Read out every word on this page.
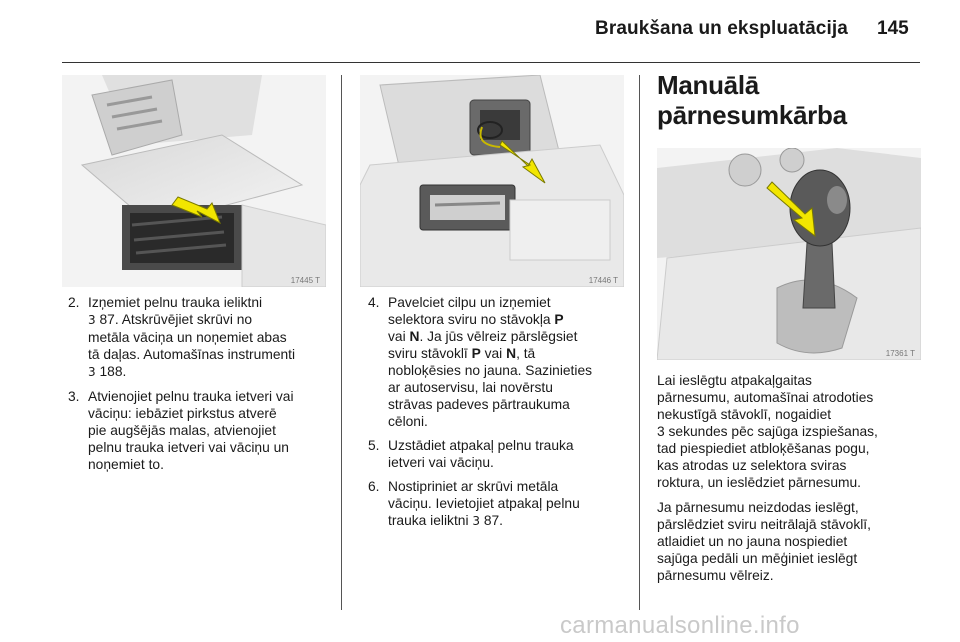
Braukšana un ekspluatācija 145
17445 T
2. Izņemiet pelnu trauka ieliktni
3 87. Atskrūvējiet skrūvi no
metāla vāciņa un noņemiet abas
tā daļas. Automašīnas instrumenti
3 188.
3. Atvienojiet pelnu trauka ietveri vai
vāciņu: iebāziet pirkstus atverē
pie augšējās malas, atvienojiet
pelnu trauka ietveri vai vāciņu un
noņemiet to.
17446 T
4. Pavelciet cilpu un izņemiet
selektora sviru no stāvokļa P
vai N. Ja jūs vēlreiz pārslēgsiet
sviru stāvoklī P vai N, tā
nobloķēsies no jauna. Sazinieties
ar autoservisu, lai novērstu
strāvas padeves pārtraukuma
cēloni.
5. Uzstādiet atpakaļ pelnu trauka
ietveri vai vāciņu.
6. Nostipriniet ar skrūvi metāla
vāciņu. Ievietojiet atpakaļ pelnu
trauka ieliktni 3 87.
Manuālā
pārnesumkārba
17361 T

Lai ieslēgtu atpakaļgaitas
pārnesumu, automašīnai atrodoties
nekustīgā stāvoklī, nogaidiet
3 sekundes pēc sajūga izspiešanas,
tad piespiediet atbloķēšanas pogu,
kas atrodas uz selektora sviras
roktura, un ieslēdziet pārnesumu.

Ja pārnesumu neizdodas ieslēgt,
pārslēdziet sviru neitrālajā stāvoklī,
atlaidiet un no jauna nospiediet
sajūga pedāli un mēģiniet ieslēgt
pārnesumu vēlreiz.

carmanualsonline.info
